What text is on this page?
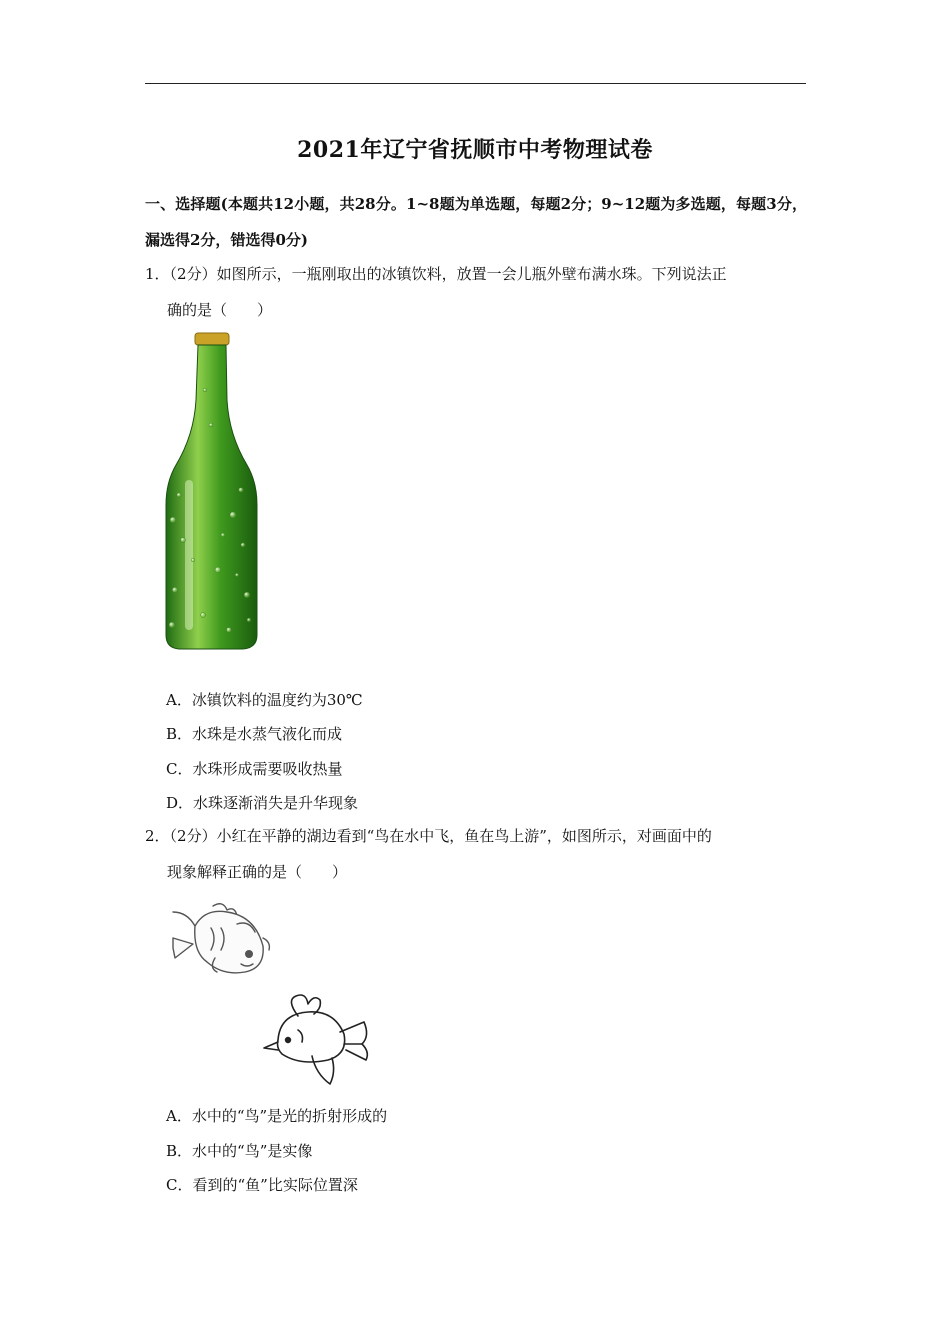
2021年辽宁省抚顺市中考物理试卷
一、选择题(本题共12小题，共28分。1~8题为单选题，每题2分；9~12题为多选题，每题3分，漏选得2分，错选得0分)
1．（2分）如图所示，一瓶刚取出的冰镇饮料，放置一会儿瓶外壁布满水珠。下列说法正
确的是（　　）
A．冰镇饮料的温度约为30℃
B．水珠是水蒸气液化而成
C．水珠形成需要吸收热量
D．水珠逐渐消失是升华现象
2．（2分）小红在平静的湖边看到“鸟在水中飞，鱼在鸟上游”，如图所示，对画面中的
现象解释正确的是（　　）
A．水中的“鸟”是光的折射形成的
B．水中的“鸟”是实像
C．看到的“鱼”比实际位置深
